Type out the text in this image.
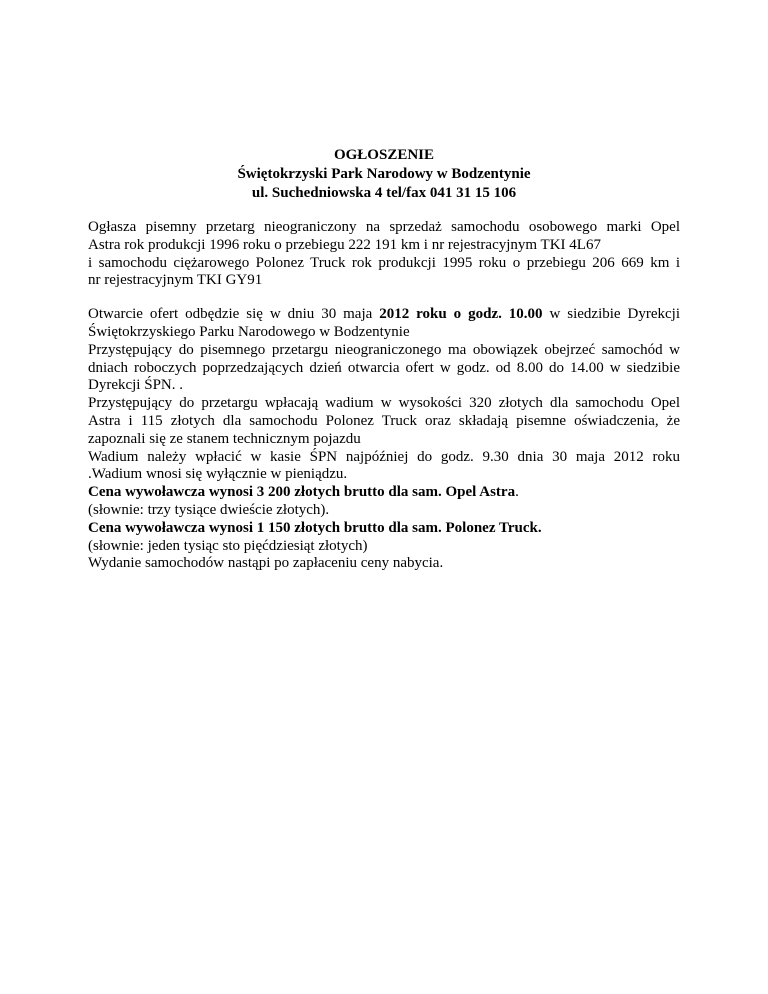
OGŁOSZENIE
Świętokrzyski Park Narodowy w Bodzentynie
ul. Suchedniowska 4 tel/fax 041 31 15 106
Ogłasza pisemny przetarg nieograniczony na sprzedaż samochodu osobowego marki Opel
Astra rok produkcji 1996 roku o przebiegu 222 191 km i nr rejestracyjnym TKI 4L67
i samochodu ciężarowego Polonez Truck rok produkcji 1995 roku o przebiegu 206 669 km i
nr rejestracyjnym TKI GY91
Otwarcie ofert odbędzie się w dniu 30 maja 2012 roku o godz. 10.00 w siedzibie Dyrekcji
Świętokrzyskiego Parku Narodowego w Bodzentynie
Przystępujący do pisemnego przetargu nieograniczonego ma obowiązek obejrzeć samochód w
dniach roboczych poprzedzających dzień otwarcia ofert w godz. od 8.00 do 14.00 w siedzibie
Dyrekcji ŚPN. .
Przystępujący do przetargu wpłacają wadium w wysokości 320 złotych dla samochodu Opel
Astra i 115 złotych dla samochodu Polonez Truck oraz składają pisemne oświadczenia, że
zapoznali się ze stanem technicznym pojazdu
Wadium należy wpłacić w kasie ŚPN najpóźniej do godz. 9.30 dnia 30 maja 2012 roku
.Wadium wnosi się wyłącznie w pieniądzu.
Cena wywoławcza wynosi 3 200 złotych brutto dla sam. Opel Astra.
(słownie: trzy tysiące dwieście złotych).
Cena wywoławcza wynosi 1 150 złotych brutto dla sam. Polonez Truck.
(słownie: jeden tysiąc sto pięćdziesiąt złotych)
Wydanie samochodów nastąpi po zapłaceniu ceny nabycia.
